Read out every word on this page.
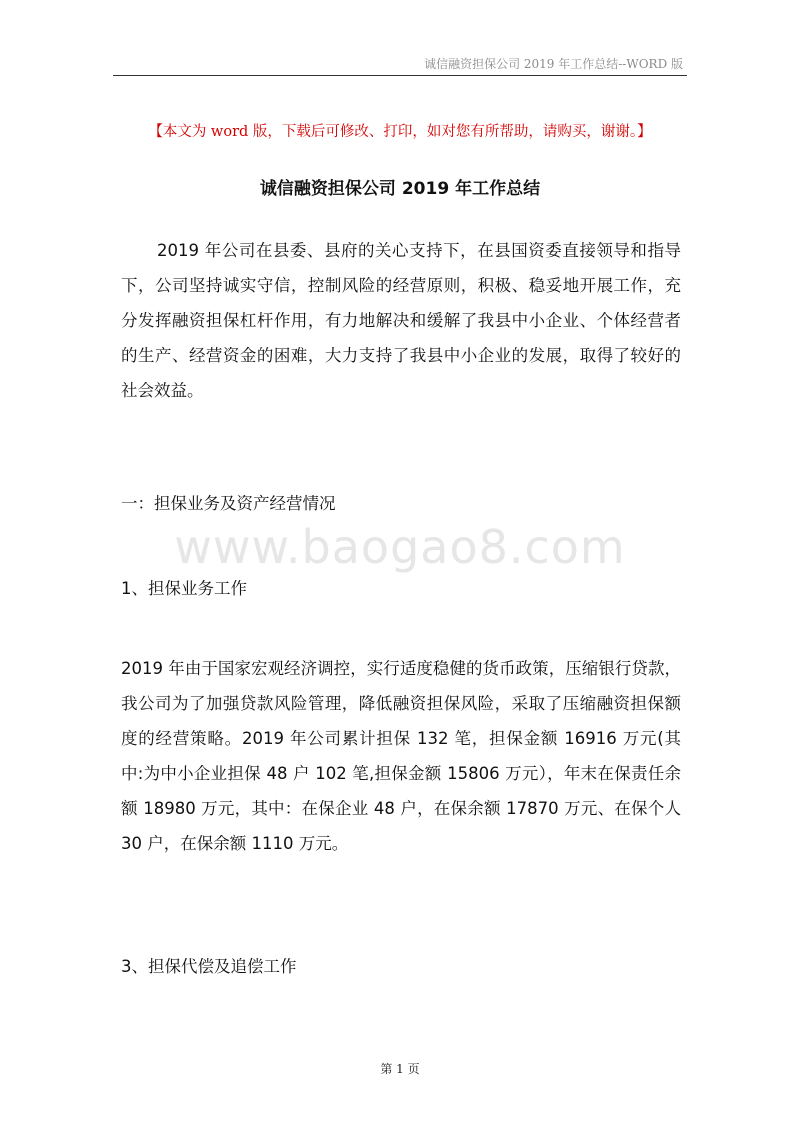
诚信融资担保公司 2019 年工作总结--WORD 版
【本文为 word 版，下载后可修改、打印，如对您有所帮助，请购买，谢谢。】
诚信融资担保公司 2019 年工作总结

2019 年公司在县委、县府的关心支持下，在县国资委直接领导和指导下，公司坚持诚实守信，控制风险的经营原则，积极、稳妥地开展工作，充分发挥融资担保杠杆作用，有力地解决和缓解了我县中小企业、个体经营者的生产、经营资金的困难，大力支持了我县中小企业的发展，取得了较好的社会效益。

一：担保业务及资产经营情况
www.baogao8.com
1、担保业务工作

2019 年由于国家宏观经济调控，实行适度稳健的货币政策，压缩银行贷款，我公司为了加强贷款风险管理，降低融资担保风险，采取了压缩融资担保额度的经营策略。2019 年公司累计担保 132 笔，担保金额 16916 万元(其中:为中小企业担保 48 户 102 笔,担保金额 15806 万元），年末在保责任余额 18980 万元，其中：在保企业 48 户，在保余额 17870 万元、在保个人 30 户，在保余额 1110 万元。

3、担保代偿及追偿工作
第 1 页
